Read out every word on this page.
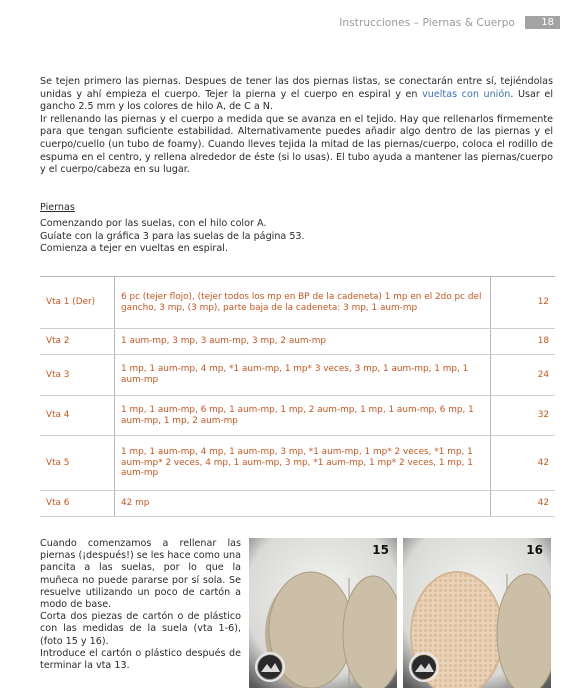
Instrucciones – Piernas & Cuerpo	18

Se tejen primero las piernas. Despues de tener las dos piernas listas, se conectarán entre sí, tejiéndolas unidas y ahí empieza el cuerpo. Tejer la pierna y el cuerpo en espiral y en vueltas con unión. Usar el gancho 2.5 mm y los colores de hilo A, de C a N.

Ir rellenando las piernas y el cuerpo a medida que se avanza en el tejido. Hay que rellenarlos firmemente para que tengan suficiente estabilidad. Alternativamente puedes añadir algo dentro de las piernas y el cuerpo/cuello (un tubo de foamy). Cuando lleves tejida la mitad de las piernas/cuerpo, coloca el rodillo de espuma en el centro, y rellena alrededor de éste (si lo usas). El tubo ayuda a mantener las piernas/cuerpo y el cuerpo/cabeza en su lugar.

Piernas

Comenzando por las suelas, con el hilo color A.

Guíate con la gráfica 3 para las suelas de la página 53.

Comienza a tejer en vueltas en espiral.

Vta 1 (Der)	6 pc (tejer flojo), (tejer todos los mp en BP de la cadeneta) 1 mp en el 2do pc del gancho, 3 mp, (3 mp), parte baja de la cadeneta: 3 mp, 1 aum-mp	12
Vta 2	1 aum-mp, 3 mp, 3 aum-mp, 3 mp, 2 aum-mp	18
Vta 3	1 mp, 1 aum-mp, 4 mp, *1 aum-mp, 1 mp* 3 veces, 3 mp, 1 aum-mp, 1 mp, 1 aum-mp	24
Vta 4	1 mp, 1 aum-mp, 6 mp, 1 aum-mp, 1 mp, 2 aum-mp, 1 mp, 1 aum-mp, 6 mp, 1 aum-mp, 1 mp, 2 aum-mp	32
Vta 5	1 mp, 1 aum-mp, 4 mp, 1 aum-mp, 3 mp, *1 aum-mp, 1 mp* 2 veces, *1 mp, 1 aum-mp* 2 veces, 4 mp, 1 aum-mp, 3 mp, *1 aum-mp, 1 mp* 2 veces, 1 mp, 1 aum-mp	42
Vta 6	42 mp	42

Cuando comenzamos a rellenar las piernas (¡después!) se les hace como una pancita a las suelas, por lo que la muñeca no puede pararse por sí sola. Se resuelve utilizando un poco de cartón a modo de base.

Corta dos piezas de cartón o de plástico con las medidas de la suela (vta 1-6), (foto 15 y 16).

Introduce el cartón o plástico después de terminar la vta 13.

15	16
